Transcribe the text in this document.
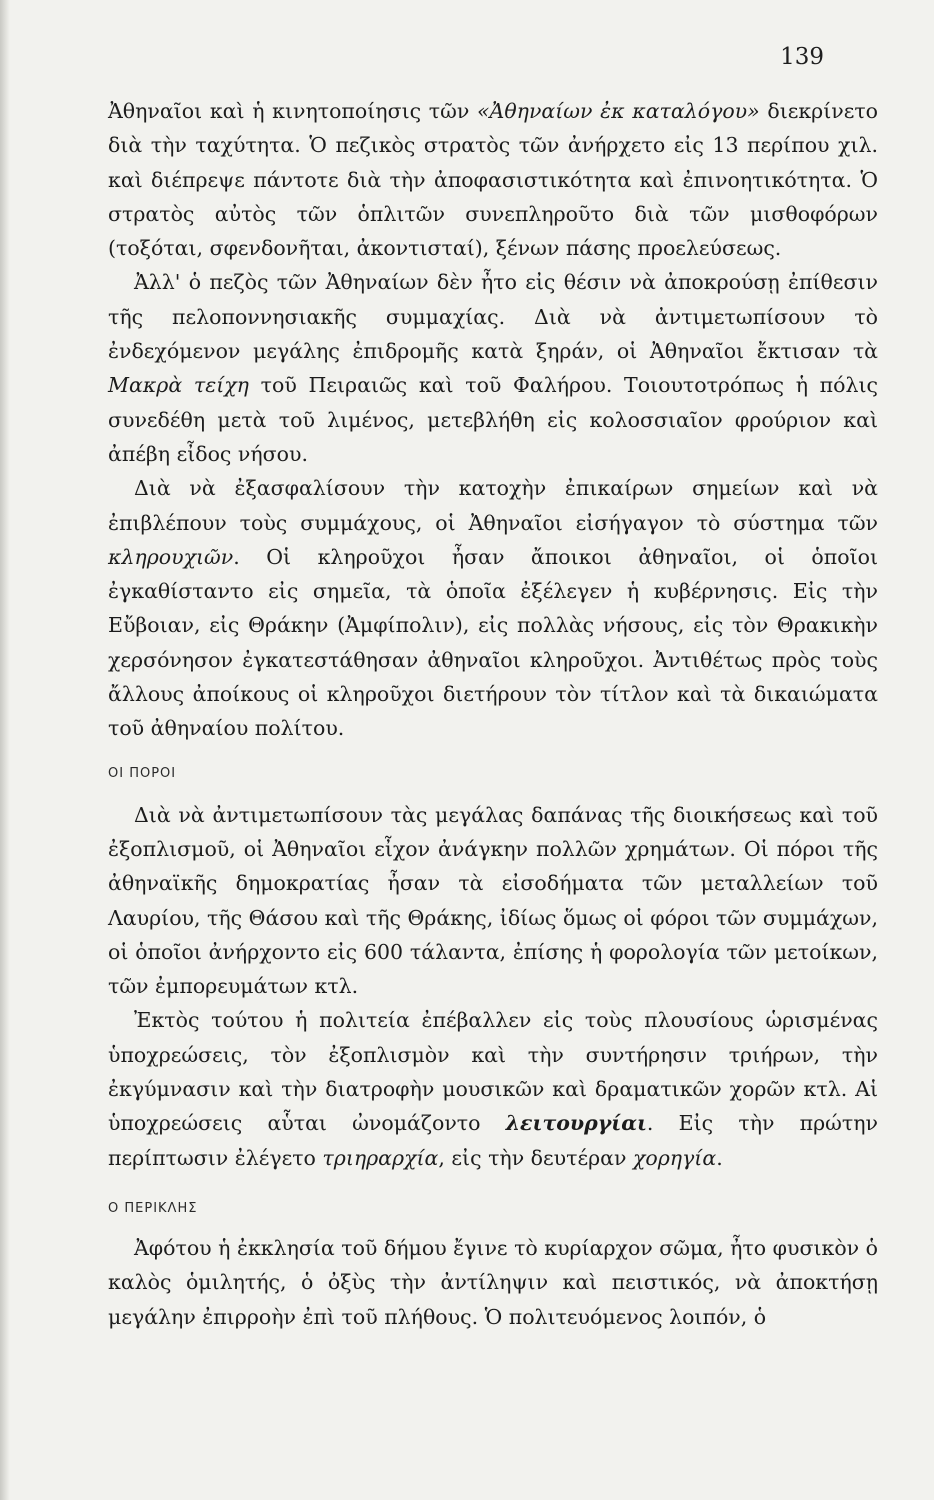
139

Ἀθηναῖοι καὶ ἡ κινητοποίησις τῶν «Ἀθηναίων ἐκ καταλόγου» διεκρίνετο διὰ τὴν ταχύτητα. Ὁ πεζικὸς στρατὸς τῶν ἀνήρχετο εἰς 13 περίπου χιλ. καὶ διέπρεψε πάντοτε διὰ τὴν ἀποφασιστικότητα καὶ ἐπινοητικότητα. Ὁ στρατὸς αὐτὸς τῶν ὁπλιτῶν συνεπληροῦτο διὰ τῶν μισθοφόρων (τοξόται, σφενδονῆται, ἀκοντισταί), ξένων πάσης προελεύσεως.

Ἀλλ' ὁ πεζὸς τῶν Ἀθηναίων δὲν ἦτο εἰς θέσιν νὰ ἀποκρούσῃ ἐπίθεσιν τῆς πελοποννησιακῆς συμμαχίας. Διὰ νὰ ἀντιμετωπίσουν τὸ ἐνδεχόμενον μεγάλης ἐπιδρομῆς κατὰ ξηράν, οἱ Ἀθηναῖοι ἔκτισαν τὰ Μακρὰ τείχη τοῦ Πειραιῶς καὶ τοῦ Φαλήρου. Τοιουτοτρόπως ἡ πόλις συνεδέθη μετὰ τοῦ λιμένος, μετεβλήθη εἰς κολοσσιαῖον φρούριον καὶ ἀπέβη εἶδος νήσου.

Διὰ νὰ ἐξασφαλίσουν τὴν κατοχὴν ἐπικαίρων σημείων καὶ νὰ ἐπιβλέπουν τοὺς συμμάχους, οἱ Ἀθηναῖοι εἰσήγαγον τὸ σύστημα τῶν κληρουχιῶν. Οἱ κληροῦχοι ἦσαν ἄποικοι ἀθηναῖοι, οἱ ὁποῖοι ἐγκαθίσταντο εἰς σημεῖα, τὰ ὁποῖα ἐξέλεγεν ἡ κυβέρνησις. Εἰς τὴν Εὔβοιαν, εἰς Θράκην (Ἀμφίπολιν), εἰς πολλὰς νήσους, εἰς τὸν Θρακικὴν χερσόνησον ἐγκατεστάθησαν ἀθηναῖοι κληροῦχοι. Ἀντιθέτως πρὸς τοὺς ἄλλους ἀποίκους οἱ κληροῦχοι διετήρουν τὸν τίτλον καὶ τὰ δικαιώματα τοῦ ἀθηναίου πολίτου.

ΟΙ ΠΟΡΟΙ

Διὰ νὰ ἀντιμετωπίσουν τὰς μεγάλας δαπάνας τῆς διοικήσεως καὶ τοῦ ἐξοπλισμοῦ, οἱ Ἀθηναῖοι εἶχον ἀνάγκην πολλῶν χρημάτων. Οἱ πόροι τῆς ἀθηναϊκῆς δημοκρατίας ἦσαν τὰ εἰσοδήματα τῶν μεταλλείων τοῦ Λαυρίου, τῆς Θάσου καὶ τῆς Θράκης, ἰδίως ὅμως οἱ φόροι τῶν συμμάχων, οἱ ὁποῖοι ἀνήρχοντο εἰς 600 τάλαντα, ἐπίσης ἡ φορολογία τῶν μετοίκων, τῶν ἐμπορευμάτων κτλ.

Ἐκτὸς τούτου ἡ πολιτεία ἐπέβαλλεν εἰς τοὺς πλουσίους ὡρισμένας ὑποχρεώσεις, τὸν ἐξοπλισμὸν καὶ τὴν συντήρησιν τριήρων, τὴν ἐκγύμνασιν καὶ τὴν διατροφὴν μουσικῶν καὶ δραματικῶν χορῶν κτλ. Αἱ ὑποχρεώσεις αὗται ὠνομάζοντο λειτουργίαι. Εἰς τὴν πρώτην περίπτωσιν ἐλέγετο τριηραρχία, εἰς τὴν δευτέραν χορηγία.

Ο ΠΕΡΙΚΛΗΣ

Ἀφότου ἡ ἐκκλησία τοῦ δήμου ἔγινε τὸ κυρίαρχον σῶμα, ἦτο φυσικὸν ὁ καλὸς ὁμιλητής, ὁ ὀξὺς τὴν ἀντίληψιν καὶ πειστικός, νὰ ἀποκτήσῃ μεγάλην ἐπιρροὴν ἐπὶ τοῦ πλήθους. Ὁ πολιτευόμενος λοιπόν, ὁ
